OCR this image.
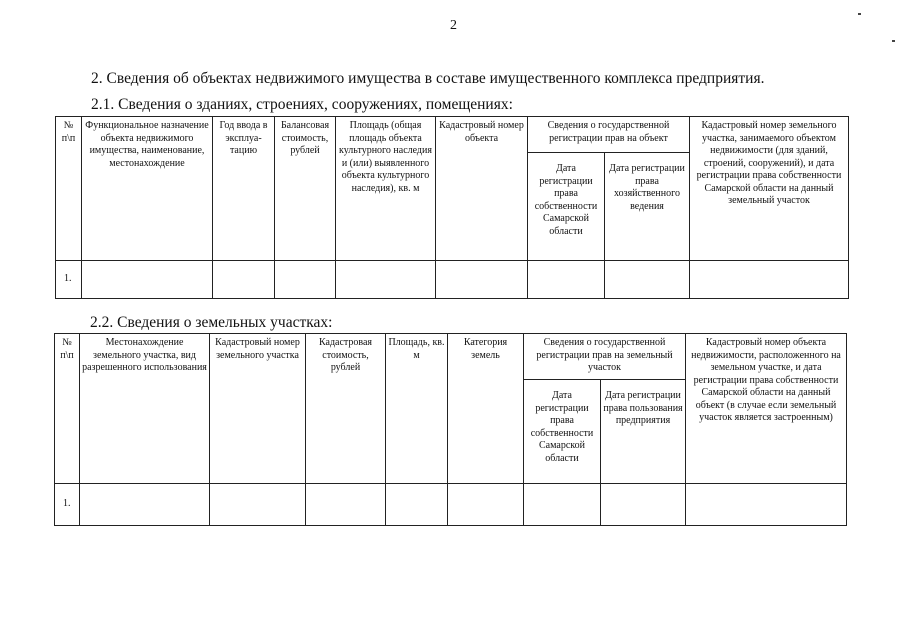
2
2. Сведения об объектах недвижимого имущества в составе имущественного комплекса предприятия.
2.1. Сведения о зданиях, строениях, сооружениях, помещениях:
№ п\п	Функциональное назначение объекта недвижимого имущества, наименование, местонахождение	Год ввода в эксплуа-тацию	Балансовая стоимость, рублей	Площадь (общая площадь объекта культурного наследия и (или) выявленного объекта культурного наследия), кв. м	Кадастровый номер объекта	Сведения о государственной регистрации прав на объект		Кадастровый номер земельного участка, занимаемого объектом недвижимости (для зданий, строений, сооружений), и дата регистрации права собственности Самарской области на данный земельный участок
						Дата регистрации права собственности Самарской области	Дата регистрации права хозяйственного ведения	
1.								
2.2. Сведения о земельных участках:
№ п\п	Местонахождение земельного участка, вид разрешенного использования	Кадастровый номер земельного участка	Кадастровая стоимость, рублей	Площадь, кв. м	Категория земель	Сведения о государственной регистрации прав на земельный участок		Кадастровый номер объекта недвижимости, расположенного на земельном участке, и дата регистрации права собственности Самарской области на данный объект (в случае если земельный участок является застроенным)
						Дата регистрации права собственности Самарской области	Дата регистрации права пользования предприятия	
1.								
